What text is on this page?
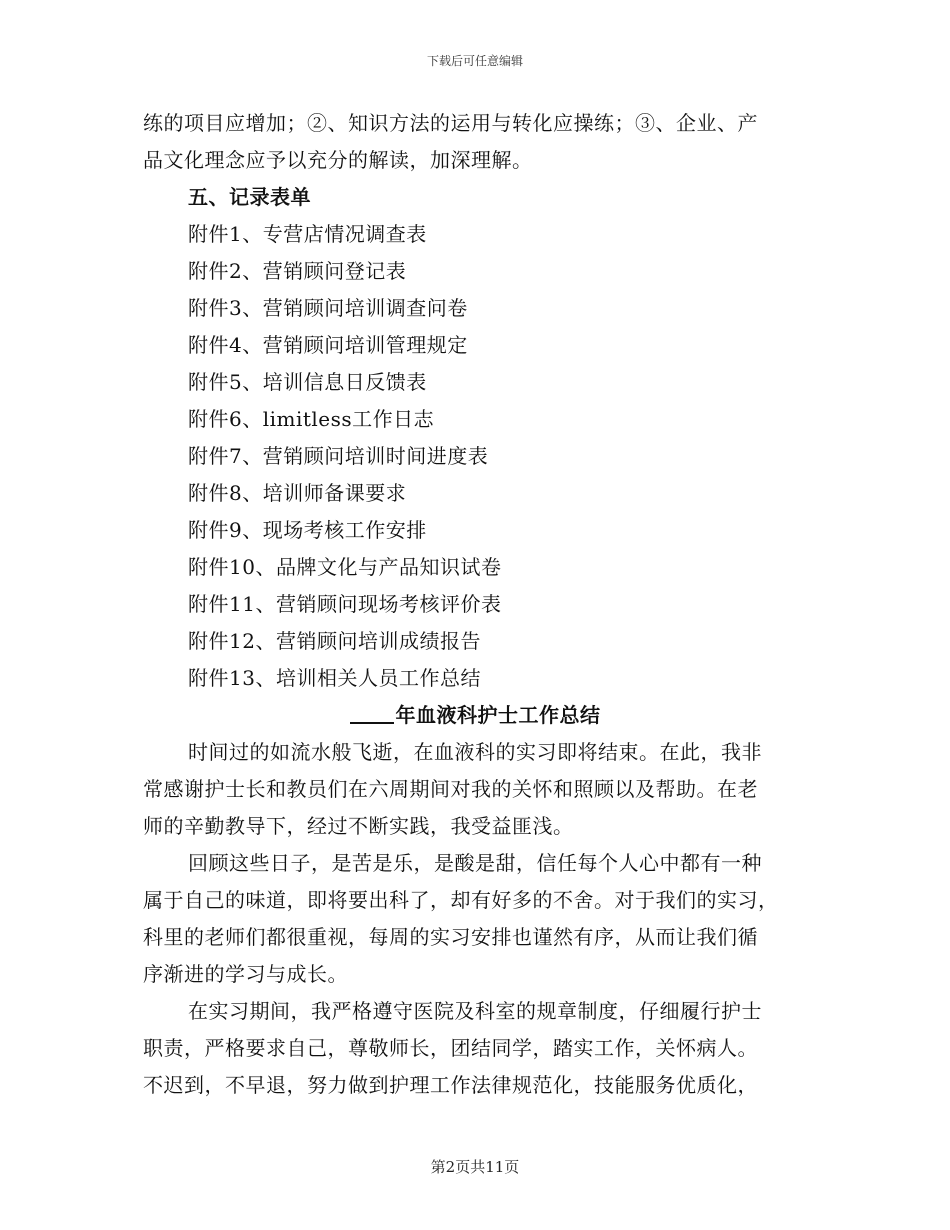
下载后可任意编辑
练的项目应增加；②、知识方法的运用与转化应操练；③、企业、产
品文化理念应予以充分的解读，加深理解。
五、记录表单
附件1、专营店情况调查表
附件2、营销顾问登记表
附件3、营销顾问培训调查问卷
附件4、营销顾问培训管理规定
附件5、培训信息日反馈表
附件6、limitless工作日志
附件7、营销顾问培训时间进度表
附件8、培训师备课要求
附件9、现场考核工作安排
附件10、品牌文化与产品知识试卷
附件11、营销顾问现场考核评价表
附件12、营销顾问培训成绩报告
附件13、培训相关人员工作总结
年血液科护士工作总结
时间过的如流水般飞逝，在血液科的实习即将结束。在此，我非
常感谢护士长和教员们在六周期间对我的关怀和照顾以及帮助。在老
师的辛勤教导下，经过不断实践，我受益匪浅。
回顾这些日子，是苦是乐，是酸是甜，信任每个人心中都有一种
属于自己的味道，即将要出科了，却有好多的不舍。对于我们的实习，
科里的老师们都很重视，每周的实习安排也谨然有序，从而让我们循
序渐进的学习与成长。
在实习期间，我严格遵守医院及科室的规章制度，仔细履行护士
职责，严格要求自己，尊敬师长，团结同学，踏实工作，关怀病人。
不迟到，不早退，努力做到护理工作法律规范化，技能服务优质化，
第2页共11页
